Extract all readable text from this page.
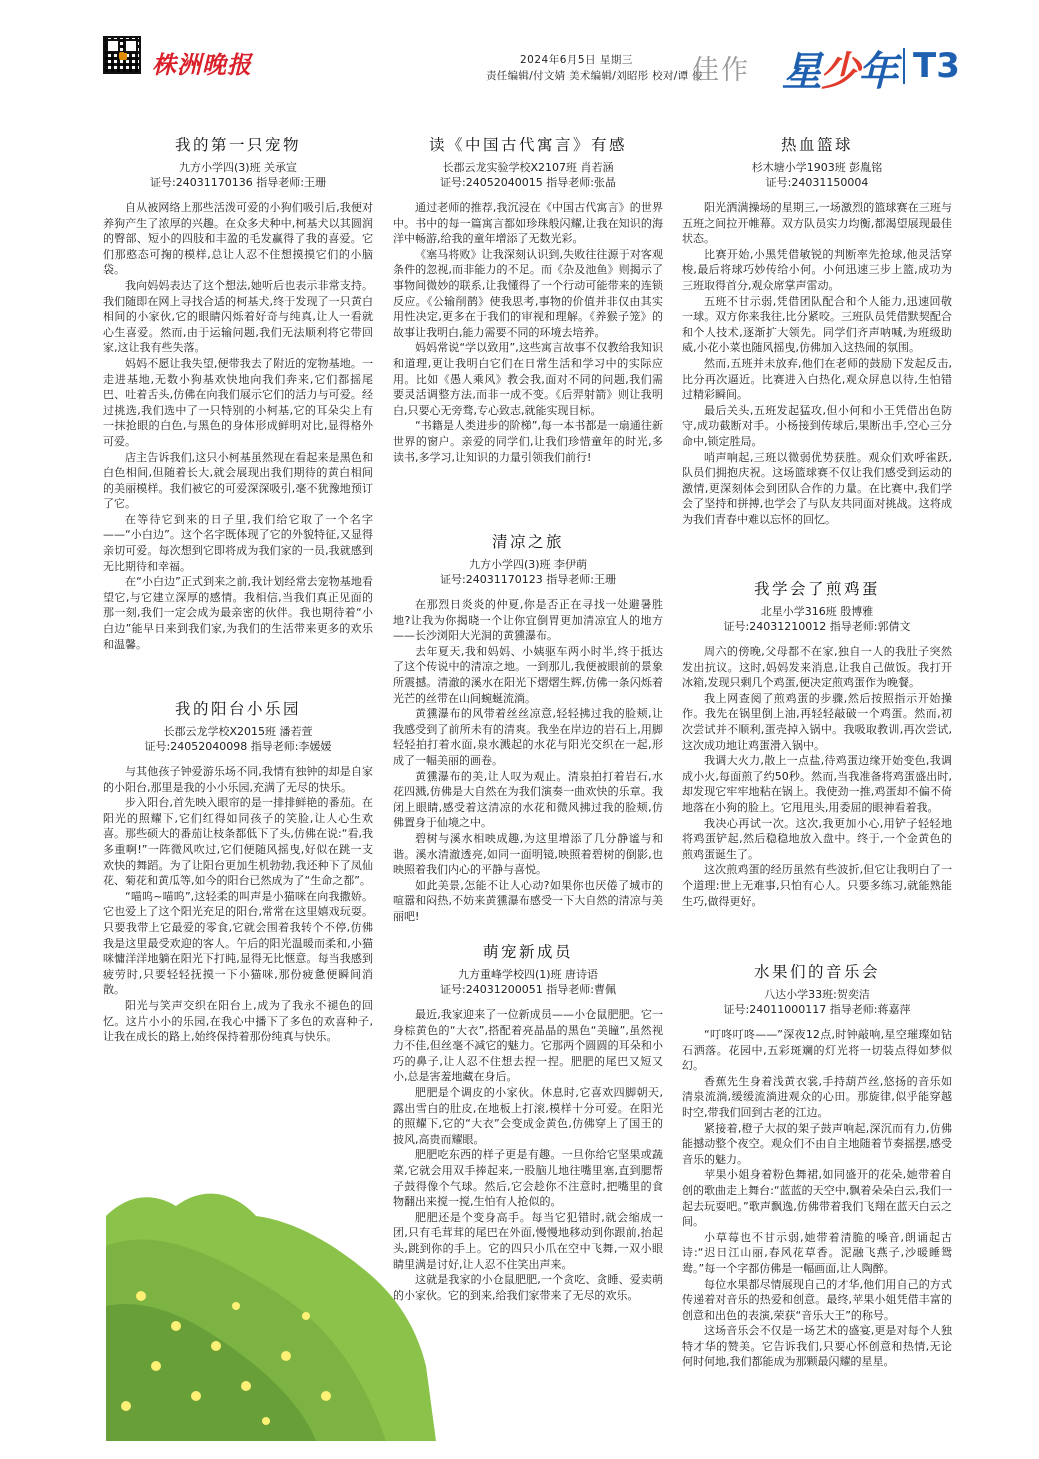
株洲晚报	2024年6月5日 星期三
责任编辑/付文婧 美术编辑/刘昭彤 校对/谭 俊
佳作 星少年 T3
我的第一只宠物
九方小学四(3)班 关承宣
证号:24031170136 指导老师:王珊

自从被网络上那些活泼可爱的小狗们吸引后,我便对养狗产生了浓厚的兴趣。在众多犬种中,柯基犬以其圆润的臀部、短小的四肢和丰盈的毛发赢得了我的喜爱。它们那憨态可掬的模样,总让人忍不住想摸摸它们的小脑袋。

我向妈妈表达了这个想法,她听后也表示非常支持。我们随即在网上寻找合适的柯基犬,终于发现了一只黄白相间的小家伙,它的眼睛闪烁着好奇与纯真,让人一看就心生喜爱。然而,由于运输问题,我们无法顺利将它带回家,这让我有些失落。

妈妈不愿让我失望,便带我去了附近的宠物基地。一走进基地,无数小狗基欢快地向我们奔来,它们都摇尾巴、吐着舌头,仿佛在向我们展示它们的活力与可爱。经过挑选,我们选中了一只特别的小柯基,它的耳朵尖上有一抹抢眼的白色,与黑色的身体形成鲜明对比,显得格外可爱。

店主告诉我们,这只小柯基虽然现在看起来是黑色和白色相间,但随着长大,就会展现出我们期待的黄白相间的美丽模样。我们被它的可爱深深吸引,毫不犹豫地预订了它。

在等待它到来的日子里,我们给它取了一个名字——“小白边”。这个名字既体现了它的外貌特征,又显得亲切可爱。每次想到它即将成为我们家的一员,我就感到无比期待和幸福。

在“小白边”正式到来之前,我计划经常去宠物基地看望它,与它建立深厚的感情。我相信,当我们真正见面的那一刻,我们一定会成为最亲密的伙伴。我也期待着“小白边”能早日来到我们家,为我们的生活带来更多的欢乐和温馨。

我的阳台小乐园
长郡云龙学校X2015班 潘若萱
证号:24052040098 指导老师:李媛媛

与其他孩子钟爱游乐场不同,我情有独钟的却是自家的小阳台,那里是我的小小乐园,充满了无尽的快乐。

步入阳台,首先映入眼帘的是一排排鲜艳的番茄。在阳光的照耀下,它们红得如同孩子的笑脸,让人心生欢喜。那些硕大的番茄让枝条都低下了头,仿佛在说:“看,我多重啊!”一阵微风吹过,它们便随风摇曳,好似在跳一支欢快的舞蹈。为了让阳台更加生机勃勃,我还种下了凤仙花、菊花和黄瓜等,如今的阳台已然成为了“生命之都”。

“喵呜~喵呜”,这轻柔的叫声是小猫咪在向我撒娇。它也爱上了这个阳光充足的阳台,常常在这里嬉戏玩耍。只要我带上它最爱的零食,它就会围着我转个不停,仿佛我是这里最受欢迎的客人。午后的阳光温暖而柔和,小猫咪慵洋洋地躺在阳光下打盹,显得无比惬意。每当我感到疲劳时,只要轻轻抚摸一下小猫咪,那份疲惫便瞬间消散。

阳光与笑声交织在阳台上,成为了我永不褪色的回忆。这片小小的乐园,在我心中播下了多色的欢喜种子,让我在成长的路上,始终保持着那份纯真与快乐。

读《中国古代寓言》有感
长郡云龙实验学校X2107班 肖若涵
证号:24052040015 指导老师:张晶

通过老师的推荐,我沉浸在《中国古代寓言》的世界中。书中的每一篇寓言都如珍珠般闪耀,让我在知识的海洋中畅游,给我的童年增添了无数光彩。

《塞马将败》让我深刻认识到,失败往往源于对客观条件的忽视,而非能力的不足。而《杂及池鱼》则揭示了事物间微妙的联系,让我懂得了一个行动可能带来的连锁反应。《公输削鹊》使我思考,事物的价值并非仅由其实用性决定,更多在于我们的审视和理解。《养猴子笼》的故事让我明白,能力需要不同的环境去培养。

妈妈常说“学以致用”,这些寓言故事不仅教给我知识和道理,更让我明白它们在日常生活和学习中的实际应用。比如《愚人乘风》教会我,面对不同的问题,我们需要灵活调整方法,而非一成不变。《后羿射箭》则让我明白,只要心无旁骛,专心致志,就能实现目标。

“书籍是人类进步的阶梯”,每一本书都是一扇通往新世界的窗户。亲爱的同学们,让我们珍惜童年的时光,多读书,多学习,让知识的力量引领我们前行!

清凉之旅
九方小学四(3)班 李伊萌
证号:24031170123 指导老师:王珊

在那烈日炎炎的仲夏,你是否正在寻找一处避暑胜地?让我为你揭晓一个让你宜倒胃更加清凉宜人的地方——长沙浏阳大光洞的黄獯瀑布。

去年夏天,我和妈妈、小姨驱车两小时半,终于抵达了这个传说中的清凉之地。一到那儿,我便被眼前的景象所震撼。清澈的溪水在阳光下熠熠生辉,仿佛一条闪烁着光芒的丝带在山间蜿蜒流淌。

黄獯瀑布的风带着丝丝凉意,轻轻拂过我的脸颊,让我感受到了前所未有的清爽。我坐在岸边的岩石上,用脚轻轻拍打着水面,泉水溅起的水花与阳光交织在一起,形成了一幅美丽的画卷。

黄獯瀑布的美,让人叹为观止。清泉拍打着岩石,水花四溅,仿佛是大自然在为我们演奏一曲欢快的乐章。我闭上眼睛,感受着这清凉的水花和微风拂过我的脸颊,仿佛置身于仙境之中。

碧树与溪水相映成趣,为这里增添了几分静谧与和谐。溪水清澈透亮,如同一面明镜,映照着碧树的倒影,也映照着我们内心的平静与喜悦。

如此美景,怎能不让人心动?如果你也厌倦了城市的喧嚣和闷热,不妨来黄獯瀑布感受一下大自然的清凉与美丽吧!

萌宠新成员
九方重峰学校四(1)班 唐诗语
证号:24031200051 指导老师:曹佩

最近,我家迎来了一位新成员——小仓鼠肥肥。它一身棕黄色的“大衣”,搭配着亮晶晶的黑色“美瞳”,虽然视力不佳,但丝毫不减它的魅力。它那两个圆圆的耳朵和小巧的鼻子,让人忍不住想去捏一捏。肥肥的尾巴又短又小,总是害羞地藏在身后。

肥肥是个调皮的小家伙。休息时,它喜欢四脚朝天,露出雪白的肚皮,在地板上打滚,模样十分可爱。在阳光的照耀下,它的“大衣”会变成金黄色,仿佛穿上了国王的披风,高贵而耀眼。

肥肥吃东西的样子更是有趣。一旦你给它坚果或蔬菜,它就会用双手捧起来,一股脑儿地往嘴里塞,直到腮帮子鼓得像个气球。然后,它会趁你不注意时,把嘴里的食物翻出来搅一搅,生怕有人抢似的。

肥肥还是个变身高手。每当它犯错时,就会缩成一团,只有毛茸茸的尾巴在外面,慢慢地移动到你跟前,抬起头,跳到你的手上。它的四只小爪在空中飞舞,一双小眼睛里满是讨好,让人忍不住笑出声来。

这就是我家的小仓鼠肥肥,一个贪吃、贪睡、爱卖萌的小家伙。它的到来,给我们家带来了无尽的欢乐。

热血篮球
杉木塘小学1903班 彭胤铭
证号:24031150004

阳光洒满操场的星期三,一场激烈的篮球赛在三班与五班之间拉开帷幕。双方队员实力均衡,都渴望展现最佳状态。

比赛开始,小黑凭借敏锐的判断率先抢球,他灵活穿梭,最后将球巧妙传给小何。小何迅速三步上篮,成功为三班取得首分,观众席掌声雷动。

五班不甘示弱,凭借团队配合和个人能力,迅速回敬一球。双方你来我往,比分紧咬。三班队员凭借默契配合和个人技术,逐渐扩大领先。同学们齐声呐喊,为班级助威,小花小菜也随风摇曳,仿佛加入这热闹的氛围。

然而,五班并未放弃,他们在老师的鼓励下发起反击,比分再次逼近。比赛进入白热化,观众屏息以待,生怕错过精彩瞬间。

最后关头,五班发起猛攻,但小何和小王凭借出色防守,成功截断对手。小杨接到传球后,果断出手,空心三分命中,锁定胜局。

哨声响起,三班以微弱优势获胜。观众们欢呼雀跃,队员们拥抱庆祝。这场篮球赛不仅让我们感受到运动的激情,更深刻体会到团队合作的力量。在比赛中,我们学会了坚持和拼搏,也学会了与队友共同面对挑战。这将成为我们青春中难以忘怀的回忆。

我学会了煎鸡蛋
北星小学316班 殷博雅
证号:24031210012 指导老师:郭倩文

周六的傍晚,父母都不在家,独自一人的我肚子突然发出抗议。这时,妈妈发来消息,让我自己做饭。我打开冰箱,发现只剩几个鸡蛋,便决定煎鸡蛋作为晚餐。

我上网查阅了煎鸡蛋的步骤,然后按照指示开始操作。我先在锅里倒上油,再轻轻敲破一个鸡蛋。然而,初次尝试并不顺利,蛋壳掉入锅中。我吸取教训,再次尝试,这次成功地让鸡蛋滑入锅中。

我调大火力,散上一点盐,待鸡蛋边缘开始变色,我调成小火,每面煎了约50秒。然而,当我准备将鸡蛋盛出时,却发现它牢牢地粘在锅上。我使劲一推,鸡蛋却不偏不倚地落在小狗的脸上。它甩甩头,用委屈的眼神看着我。

我决心再试一次。这次,我更加小心,用铲子轻轻地将鸡蛋铲起,然后稳稳地放入盘中。终于,一个金黄色的煎鸡蛋诞生了。

这次煎鸡蛋的经历虽然有些波折,但它让我明白了一个道理:世上无难事,只怕有心人。只要多练习,就能熟能生巧,做得更好。

水果们的音乐会
八达小学33班:贺奕洁
证号:24011000117 指导老师:蒋嘉萍

“叮咚叮咚——”深夜12点,时钟敲响,星空璀璨如钻石洒落。花园中,五彩斑斓的灯光将一切装点得如梦似幻。

香蕉先生身着浅黄衣裳,手持葫芦丝,悠扬的音乐如清泉流淌,缓缓流淌进观众的心田。那旋律,似乎能穿越时空,带我们回到古老的江边。

紧接着,橙子大叔的架子鼓声响起,深沉而有力,仿佛能撼动整个夜空。观众们不由自主地随着节奏摇摆,感受音乐的魅力。

苹果小姐身着粉色舞裙,如同盛开的花朵,她带着自创的歌曲走上舞台:“蓝蓝的天空中,飘着朵朵白云,我们一起去玩耍吧。”歌声飘逸,仿佛带着我们飞翔在蓝天白云之间。

小草莓也不甘示弱,她带着清脆的嗓音,朗诵起古诗:“迟日江山丽,春风花草香。泥融飞燕子,沙暖睡鸳鸯。”每一个字都仿佛是一幅画面,让人陶醉。

每位水果都尽情展现自己的才华,他们用自己的方式传递着对音乐的热爱和创意。最终,苹果小姐凭借丰富的创意和出色的表演,荣获“音乐大王”的称号。

这场音乐会不仅是一场艺术的盛宴,更是对每个人独特才华的赞美。它告诉我们,只要心怀创意和热情,无论何时何地,我们都能成为那颗最闪耀的星星。
